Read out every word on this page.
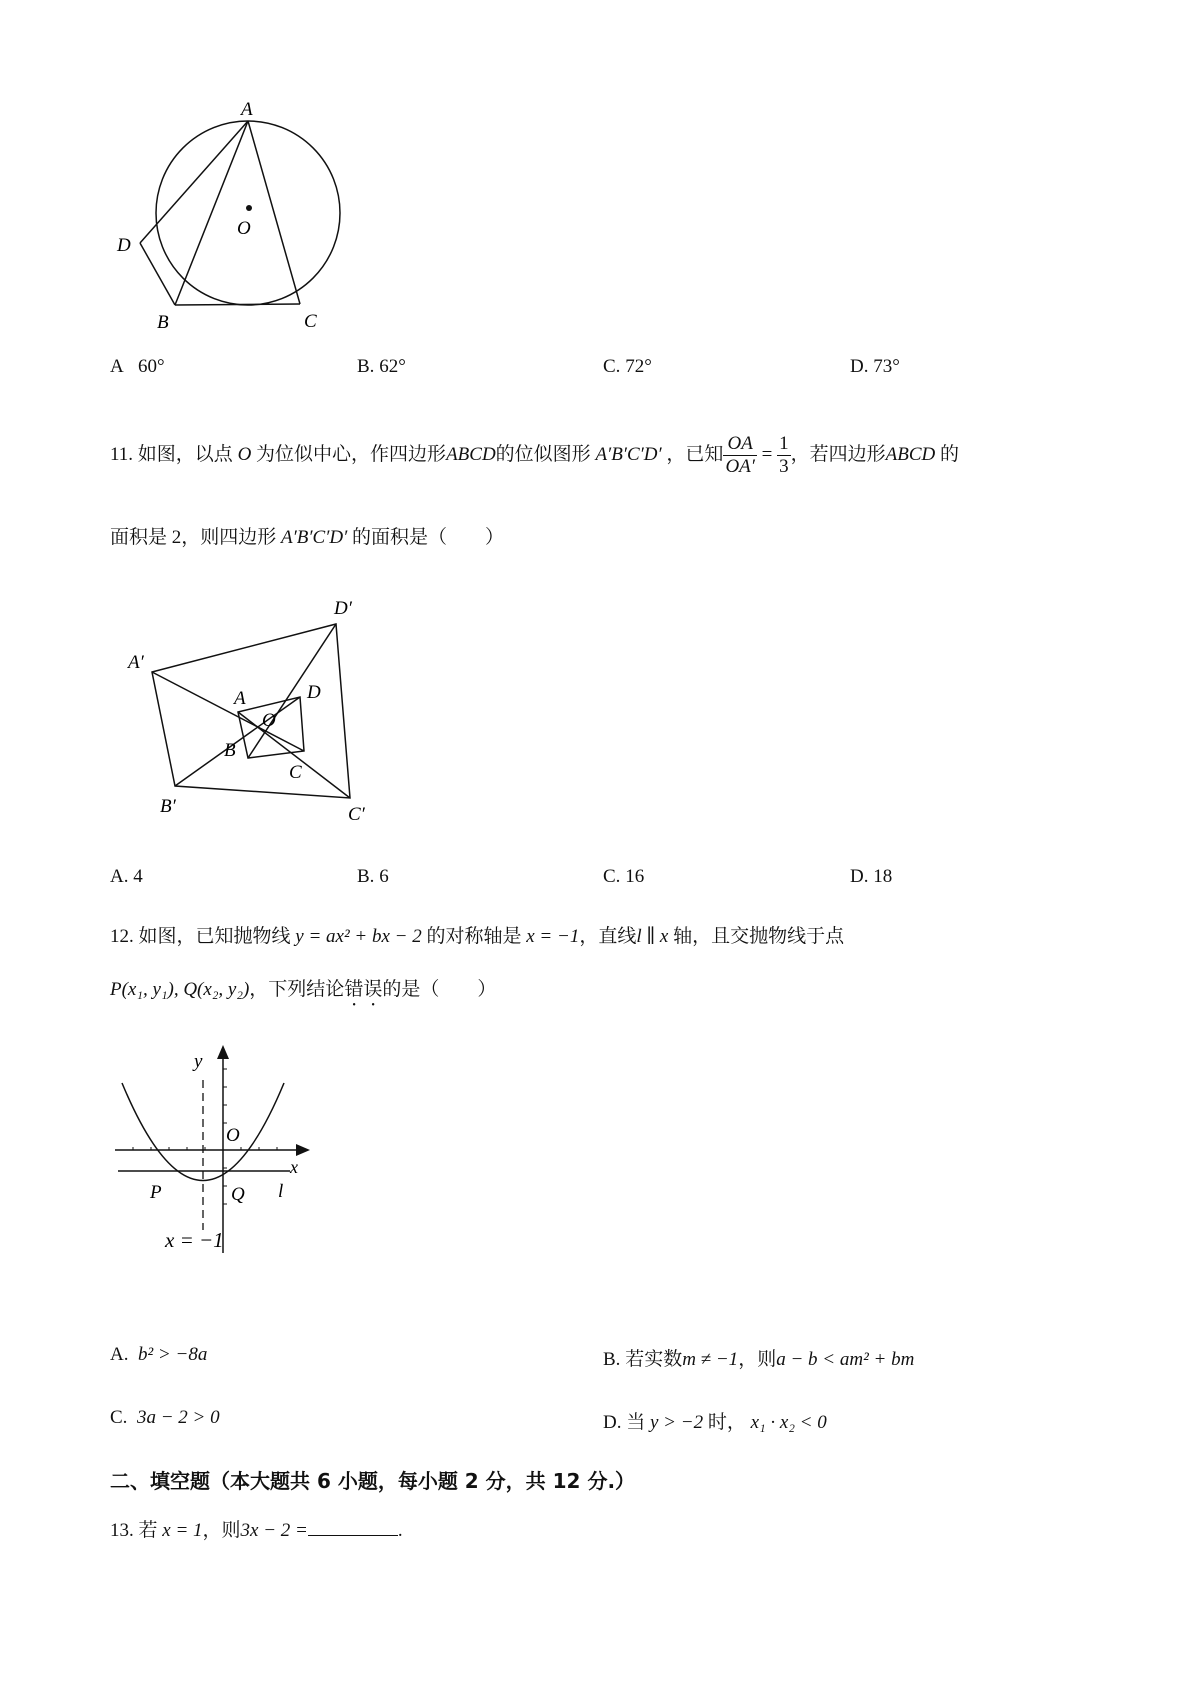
A
D
O
B	C
A 60°	B. 62°	C. 72°	D. 73°
11. 如图，以点 O 为位似中心，作四边形ABCD的位似图形 A′B′C′D′ ，已知 $\frac{OA}{OA'} = \frac{1}{3}$ ，若四边形ABCD 的
面积是 2，则四边形 A′B′C′D′ 的面积是（　　）
A′
D′
B′	C′
A	D
O
B
C
A. 4	B. 6	C. 16	D. 18
12. 如图，已知抛物线 y = ax² + bx − 2 的对称轴是 x = −1，直线l ∥ x 轴，且交抛物线于点
P(x₁, y₁), Q(x₂, y₂)，下列结论错误的是（　　）
y
x
O
P	Q l
x = −1
A. b² > −8a	B. 若实数m ≠ −1，则a − b < am² + bm
C. 3a − 2 > 0	D. 当 y > −2 时， x₁ · x₂ < 0
二、填空题（本大题共 6 小题，每小题 2 分，共 12 分.）
13. 若 x = 1，则3x − 2 =	.
